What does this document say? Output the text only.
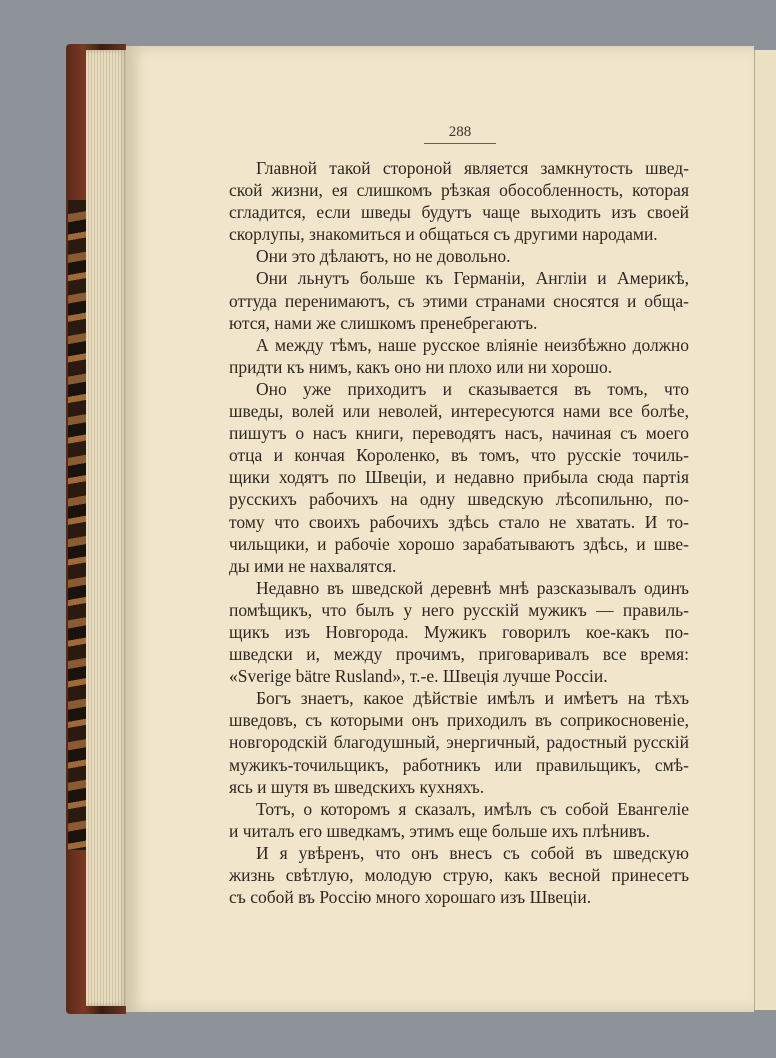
288
Главной такой стороной является замкнутость швед-
ской жизни, ея слишкомъ рѣзкая обособленность, которая
сгладится, если шведы будутъ чаще выходить изъ своей
скорлупы, знакомиться и общаться съ другими народами.
Они это дѣлаютъ, но не довольно.
Они льнутъ больше къ Германіи, Англіи и Америкѣ,
оттуда перенимаютъ, съ этими странами сносятся и обща-
ются, нами же слишкомъ пренебрегаютъ.
А между тѣмъ, наше русское вліяніе неизбѣжно должно
придти къ нимъ, какъ оно ни плохо или ни хорошо.
Оно уже приходитъ и сказывается въ томъ, что
шведы, волей или неволей, интересуются нами все болѣе,
пишутъ о насъ книги, переводятъ насъ, начиная съ моего
отца и кончая Короленко, въ томъ, что русскіе точиль-
щики ходятъ по Швеціи, и недавно прибыла сюда партія
русскихъ рабочихъ на одну шведскую лѣсопильню, по-
тому что своихъ рабочихъ здѣсь стало не хватать. И то-
чильщики, и рабочіе хорошо зарабатываютъ здѣсь, и шве-
ды ими не нахвалятся.
Недавно въ шведской деревнѣ мнѣ разсказывалъ одинъ
помѣщикъ, что былъ у него русскій мужикъ — правиль-
щикъ изъ Новгорода. Мужикъ говорилъ кое-какъ по-
шведски и, между прочимъ, приговаривалъ все время:
«Sverige bätre Rusland», т.-е. Швеція лучше Россіи.
Богъ знаетъ, какое дѣйствіе имѣлъ и имѣетъ на тѣхъ
шведовъ, съ которыми онъ приходилъ въ соприкосновеніе,
новгородскій благодушный, энергичный, радостный русскій
мужикъ-точильщикъ, работникъ или правильщикъ, смѣ-
ясь и шутя въ шведскихъ кухняхъ.
Тотъ, о которомъ я сказалъ, имѣлъ съ собой Евангеліе
и читалъ его шведкамъ, этимъ еще больше ихъ плѣнивъ.
И я увѣренъ, что онъ внесъ съ собой въ шведскую
жизнь свѣтлую, молодую струю, какъ весной принесетъ
съ собой въ Россію много хорошаго изъ Швеціи.
